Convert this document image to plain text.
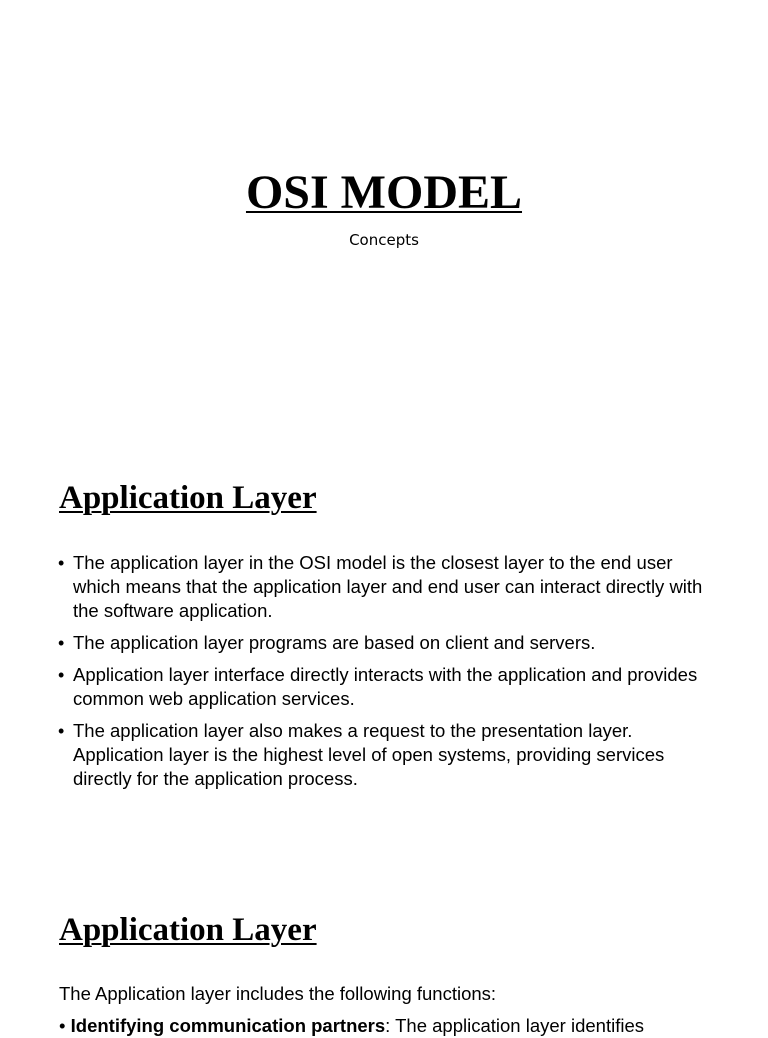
OSI MODEL

Concepts

Application Layer
• The application layer in the OSI model is the closest layer to the end user which means that the application layer and end user can interact directly with the software application.
• The application layer programs are based on client and servers.
• Application layer interface directly interacts with the application and provides common web application services.
• The application layer also makes a request to the presentation layer. Application layer is the highest level of open systems, providing services directly for the application process.
Application Layer

The Application layer includes the following functions:

• Identifying communication partners: The application layer identifies
